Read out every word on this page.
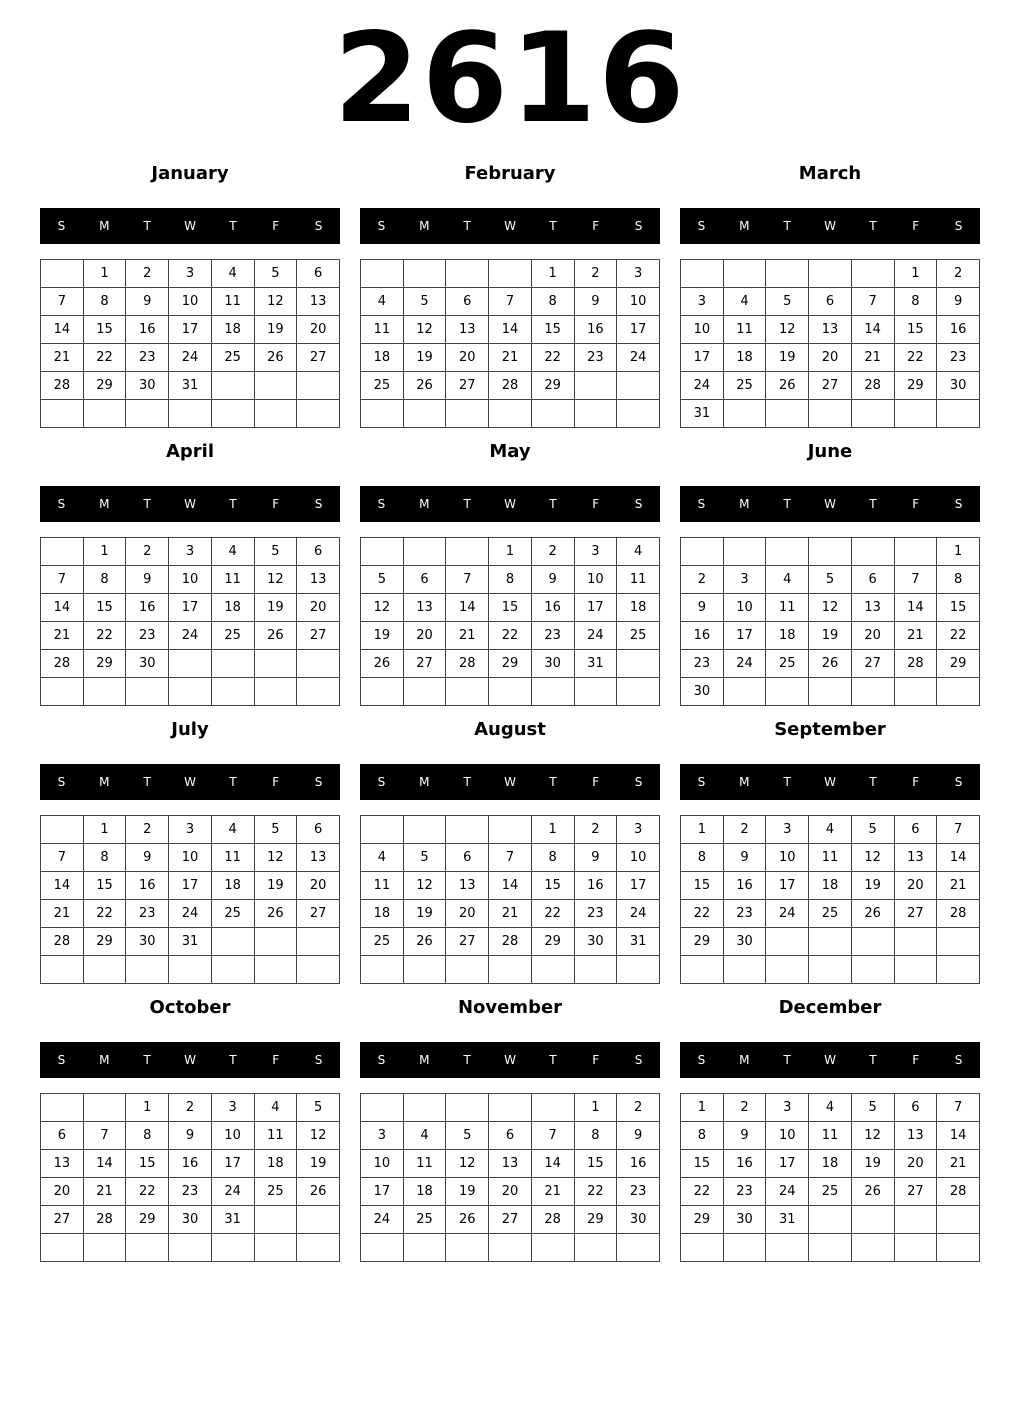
2616
January
S	M	T	W	T	F	S
	1	2	3	4	5	6
7	8	9	10	11	12	13
14	15	16	17	18	19	20
21	22	23	24	25	26	27
28	29	30	31			

February
S	M	T	W	T	F	S
				1	2	3
4	5	6	7	8	9	10
11	12	13	14	15	16	17
18	19	20	21	22	23	24
25	26	27	28	29		

March
S	M	T	W	T	F	S
					1	2
3	4	5	6	7	8	9
10	11	12	13	14	15	16
17	18	19	20	21	22	23
24	25	26	27	28	29	30
31						
April
S	M	T	W	T	F	S
	1	2	3	4	5	6
7	8	9	10	11	12	13
14	15	16	17	18	19	20
21	22	23	24	25	26	27
28	29	30				

May
S	M	T	W	T	F	S
			1	2	3	4
5	6	7	8	9	10	11
12	13	14	15	16	17	18
19	20	21	22	23	24	25
26	27	28	29	30	31	

June
S	M	T	W	T	F	S
						1
2	3	4	5	6	7	8
9	10	11	12	13	14	15
16	17	18	19	20	21	22
23	24	25	26	27	28	29
30						
July
S	M	T	W	T	F	S
	1	2	3	4	5	6
7	8	9	10	11	12	13
14	15	16	17	18	19	20
21	22	23	24	25	26	27
28	29	30	31			

August
S	M	T	W	T	F	S
				1	2	3
4	5	6	7	8	9	10
11	12	13	14	15	16	17
18	19	20	21	22	23	24
25	26	27	28	29	30	31

September
S	M	T	W	T	F	S
1	2	3	4	5	6	7
8	9	10	11	12	13	14
15	16	17	18	19	20	21
22	23	24	25	26	27	28
29	30					

October
S	M	T	W	T	F	S
		1	2	3	4	5
6	7	8	9	10	11	12
13	14	15	16	17	18	19
20	21	22	23	24	25	26
27	28	29	30	31		

November
S	M	T	W	T	F	S
					1	2
3	4	5	6	7	8	9
10	11	12	13	14	15	16
17	18	19	20	21	22	23
24	25	26	27	28	29	30

December
S	M	T	W	T	F	S
1	2	3	4	5	6	7
8	9	10	11	12	13	14
15	16	17	18	19	20	21
22	23	24	25	26	27	28
29	30	31				
